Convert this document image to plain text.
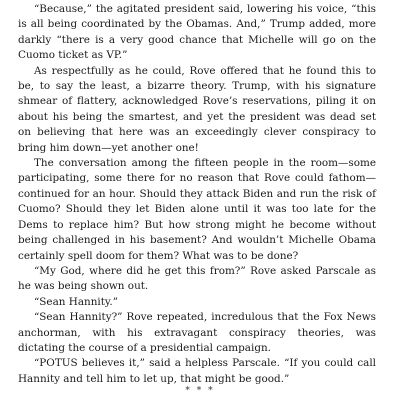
“Because,” the agitated president said, lowering his voice, “this is all being coordinated by the Obamas. And,” Trump added, more darkly “there is a very good chance that Michelle will go on the Cuomo ticket as VP.”

As respectfully as he could, Rove offered that he found this to be, to say the least, a bizarre theory. Trump, with his signature shmear of flattery, acknowledged Rove’s reservations, piling it on about his being the smartest, and yet the president was dead set on believing that here was an exceedingly clever conspiracy to bring him down—yet another one!

The conversation among the fifteen people in the room—some participating, some there for no reason that Rove could fathom—continued for an hour. Should they attack Biden and run the risk of Cuomo? Should they let Biden alone until it was too late for the Dems to replace him? But how strong might he become without being challenged in his basement? And wouldn’t Michelle Obama certainly spell doom for them? What was to be done?

“My God, where did he get this from?” Rove asked Parscale as he was being shown out.

“Sean Hannity.”

“Sean Hannity?” Rove repeated, incredulous that the Fox News anchorman, with his extravagant conspiracy theories, was dictating the course of a presidential campaign.

“POTUS believes it,” said a helpless Parscale. “If you could call Hannity and tell him to let up, that might be good.”

* * *
